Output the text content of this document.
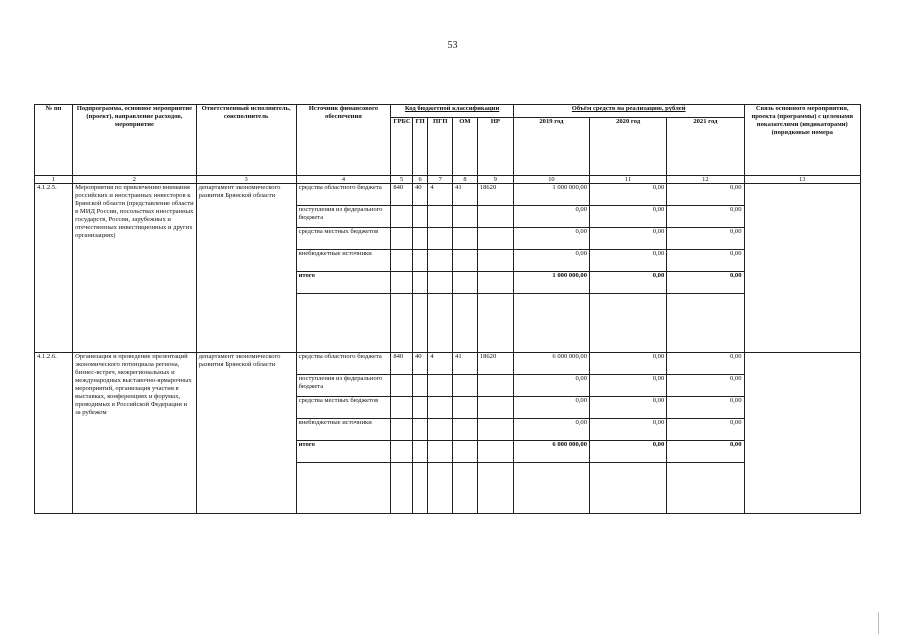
53
№ пп	Подпрограмма, основное мероприятие (проект), направление расходов, мероприятие	Ответственный исполнитель, соисполнитель	Источник финансового обеспечения	Код бюджетной классификации					Объём средств на реализацию, рублей			Связь основного мероприятия, проекта (программы) с целевыми показателями (индикаторами) (порядковые номера
				ГРБС	ГП	ПГП	ОМ	НР	2019 год	2020 год	2021 год	
1	2	3	4	5	6	7	8	9	10	11	12	13
4.1.2.5.	Мероприятия по привлечению внимания российских и иностранных инвесторов к Брянской области (представление области в МИД России, посольствах иностранных государств, России, зарубежных и отечественных инвестиционных и других организациях)	департамент экономического развития Брянской области	средства областного бюджета	840	40	4	41	18620	1 000 000,00	0,00	0,00	
			поступления из федерального бюджета						0,00	0,00	0,00	
			средства местных бюджетов						0,00	0,00	0,00	
			внебюджетные источники						0,00	0,00	0,00	
			итого						1 000 000,00	0,00	0,00	

4.1.2.6.	Организация и проведение презентаций экономического потенциала региона, бизнес-встреч, межрегиональных и международных выставочно-ярмарочных мероприятий, организация участия в выставках, конференциях и форумах, проводимых в Российской Федерации и за рубежом	департамент экономического развития Брянской области	средства областного бюджета	840	40	4	41	18620	6 000 000,00	0,00	0,00	
			поступления из федерального бюджета						0,00	0,00	0,00	
			средства местных бюджетов						0,00	0,00	0,00	
			внебюджетные источники						0,00	0,00	0,00	
			итого						6 000 000,00	0,00	0,00	
